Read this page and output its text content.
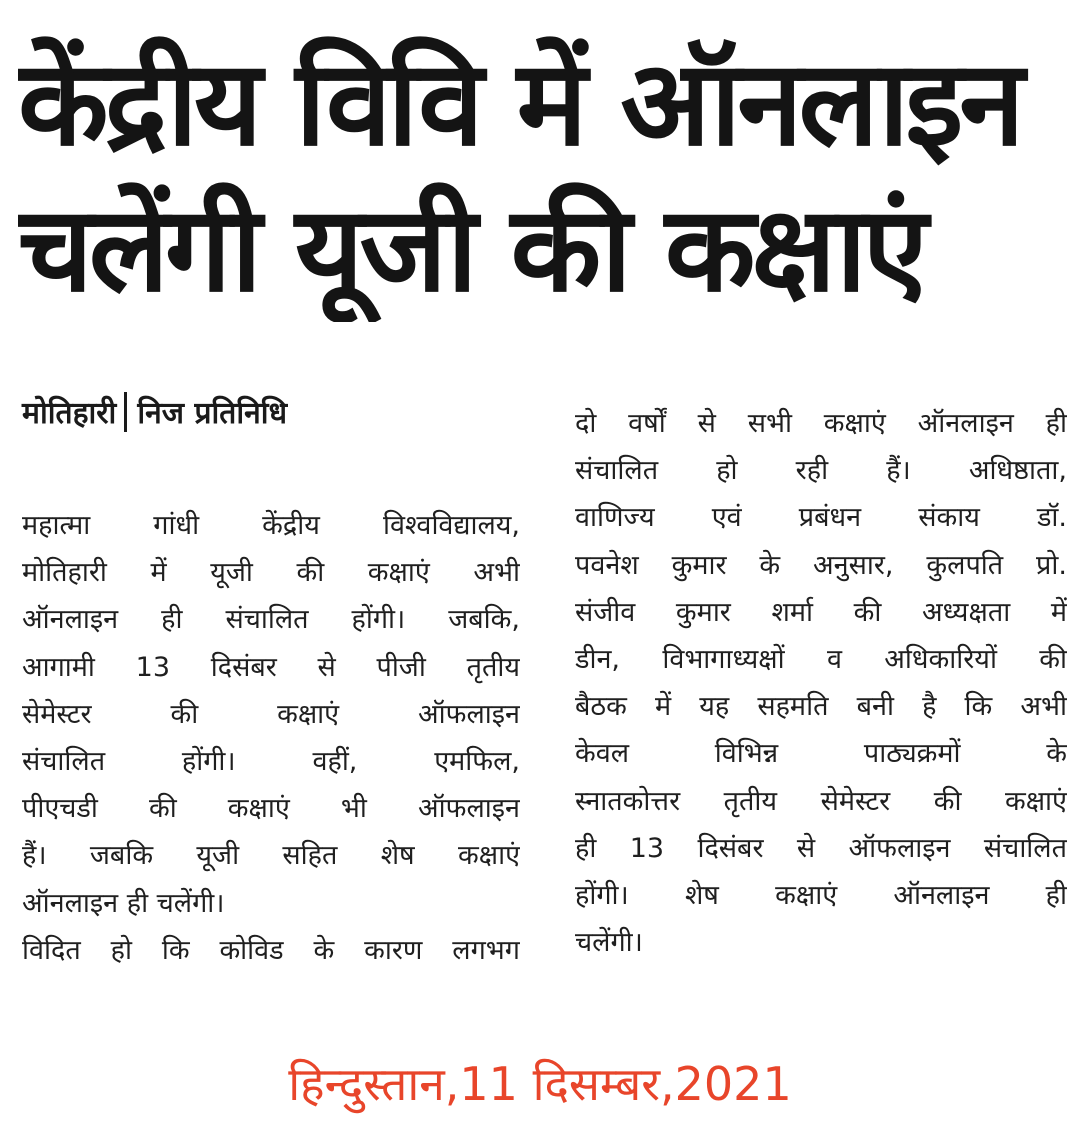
केंद्रीय विवि में ऑनलाइन
चलेंगी यूजी की कक्षाएं
मोतिहारी निज प्रतिनिधि
महात्मा गांधी केंद्रीय विश्वविद्यालय,
मोतिहारी में यूजी की कक्षाएं अभी
ऑनलाइन ही संचालित होंगी। जबकि,
आगामी 13 दिसंबर से पीजी तृतीय
सेमेस्टर की कक्षाएं ऑफलाइन
संचालित होंगी। वहीं, एमफिल,
पीएचडी की कक्षाएं भी ऑफलाइन
हैं। जबकि यूजी सहित शेष कक्षाएं
ऑनलाइन ही चलेंगी।
विदित हो कि कोविड के कारण लगभग
दो वर्षों से सभी कक्षाएं ऑनलाइन ही
संचालित हो रही हैं। अधिष्ठाता,
वाणिज्य एवं प्रबंधन संकाय डॉ.
पवनेश कुमार के अनुसार, कुलपति प्रो.
संजीव कुमार शर्मा की अध्यक्षता में
डीन, विभागाध्यक्षों व अधिकारियों की
बैठक में यह सहमति बनी है कि अभी
केवल विभिन्न पाठ्यक्रमों के
स्नातकोत्तर तृतीय सेमेस्टर की कक्षाएं
ही 13 दिसंबर से ऑफलाइन संचालित
होंगी। शेष कक्षाएं ऑनलाइन ही
चलेंगी।
हिन्दुस्तान,11 दिसम्बर,2021
